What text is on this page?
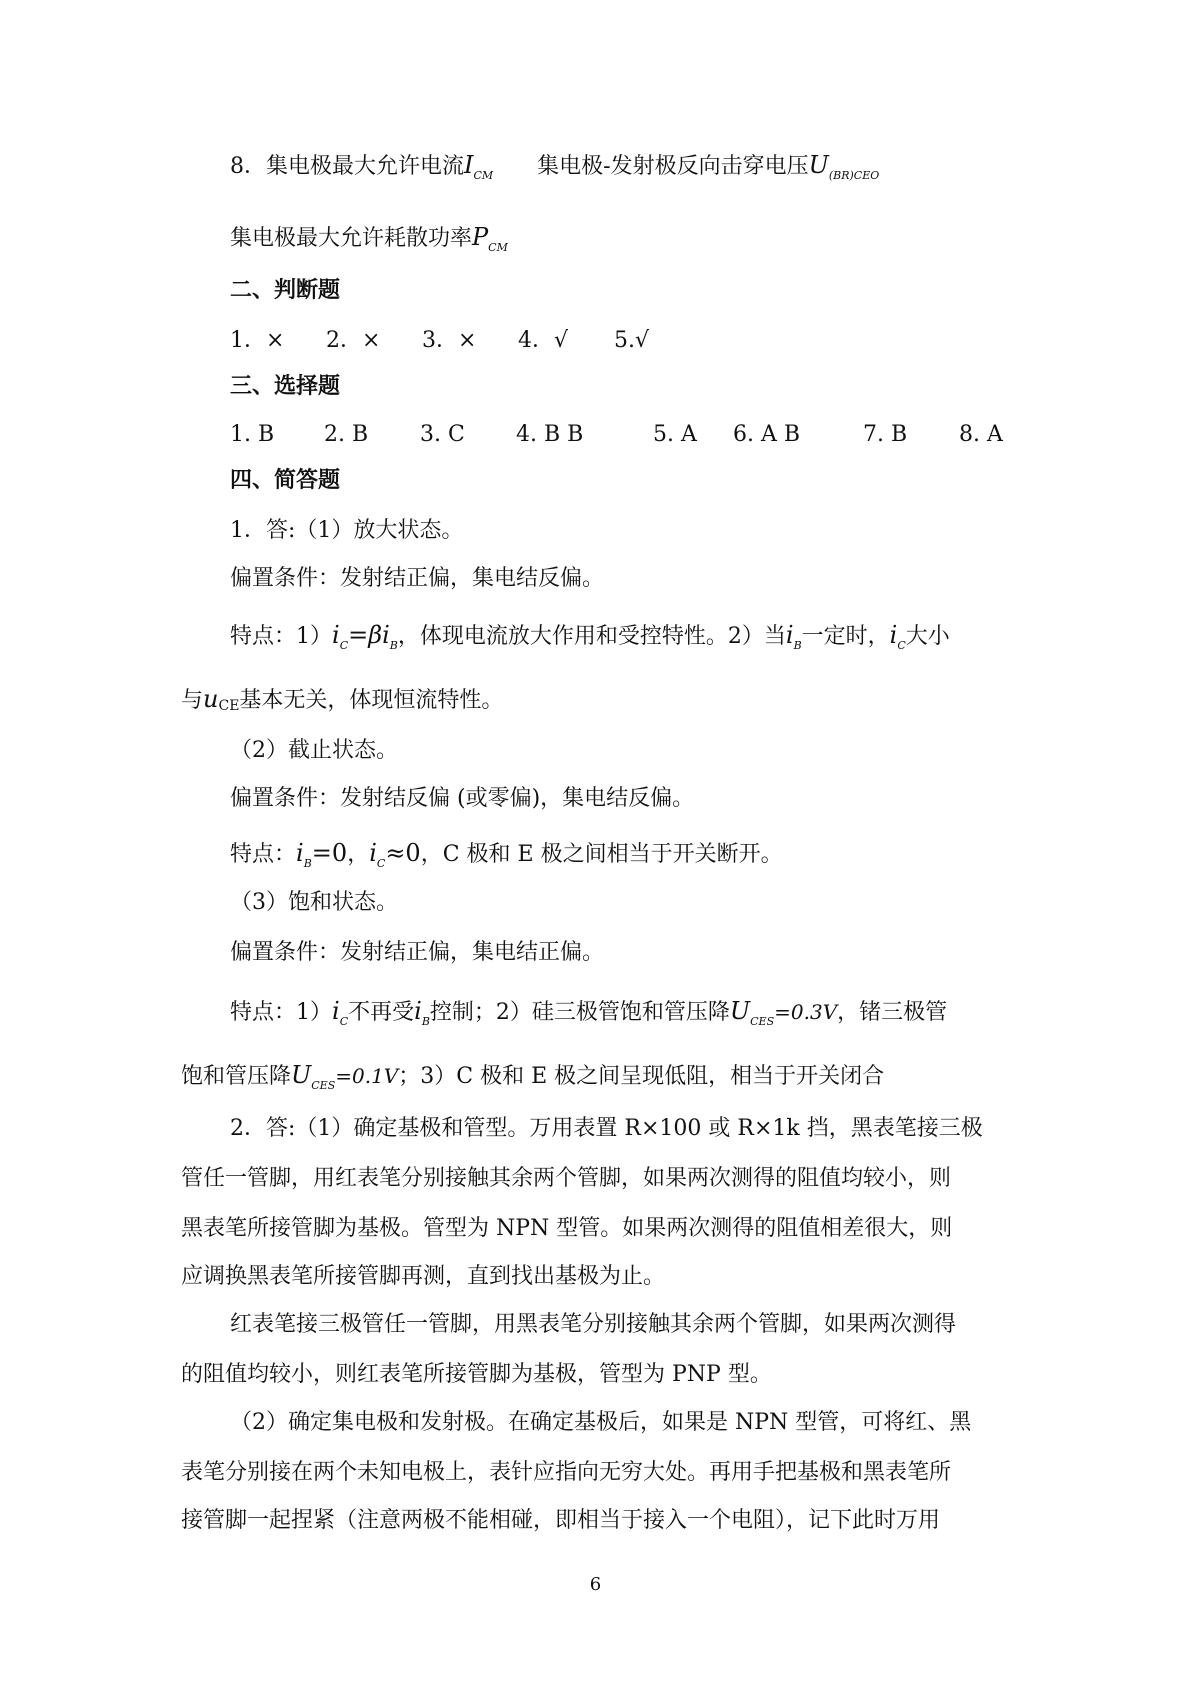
8．集电极最大允许电流$I_{CM}$ 集电极-发射极反向击穿电压$U_{(BR)CEO}$
集电极最大允许耗散功率$P_{CM}$
二、判断题
1．× 2．× 3．× 4．√ 5.√
三、选择题
1. B 2. B 3. C 4. B B	5. A 6. A B	7. B 8. A
四、简答题
1．答:（1）放大状态。
偏置条件：发射结正偏，集电结反偏。
特点：$1)i_C=\beta i_B$，体现电流放大作用和受控特性。2）当$i_B$一定时，$i_C$大小
与uCE基本无关，体现恒流特性。
（2）截止状态。
偏置条件：发射结反偏 (或零偏)，集电结反偏。
特点：$i_B=0$，$i_C\approx 0$，C 极和 E 极之间相当于开关断开。
（3）饱和状态。
偏置条件：发射结正偏，集电结正偏。
特点：$1)i_C$不再受$i_B$控制；2）硅三极管饱和管压降$U_{CES}=0.3V$，锗三极管
饱和管压降$U_{CES}=0.1V$；3）C 极和 E 极之间呈现低阻，相当于开关闭合
2．答:（1）确定基极和管型。万用表置 R×100 或 R×1k 挡，黑表笔接三极
管任一管脚，用红表笔分别接触其余两个管脚，如果两次测得的阻值均较小，则
黑表笔所接管脚为基极。管型为 NPN 型管。如果两次测得的阻值相差很大，则
应调换黑表笔所接管脚再测，直到找出基极为止。
红表笔接三极管任一管脚，用黑表笔分别接触其余两个管脚，如果两次测得
的阻值均较小，则红表笔所接管脚为基极，管型为 PNP 型。
（2）确定集电极和发射极。在确定基极后，如果是 NPN 型管，可将红、黑
表笔分别接在两个未知电极上，表针应指向无穷大处。再用手把基极和黑表笔所
接管脚一起捏紧（注意两极不能相碰，即相当于接入一个电阻），记下此时万用
6
